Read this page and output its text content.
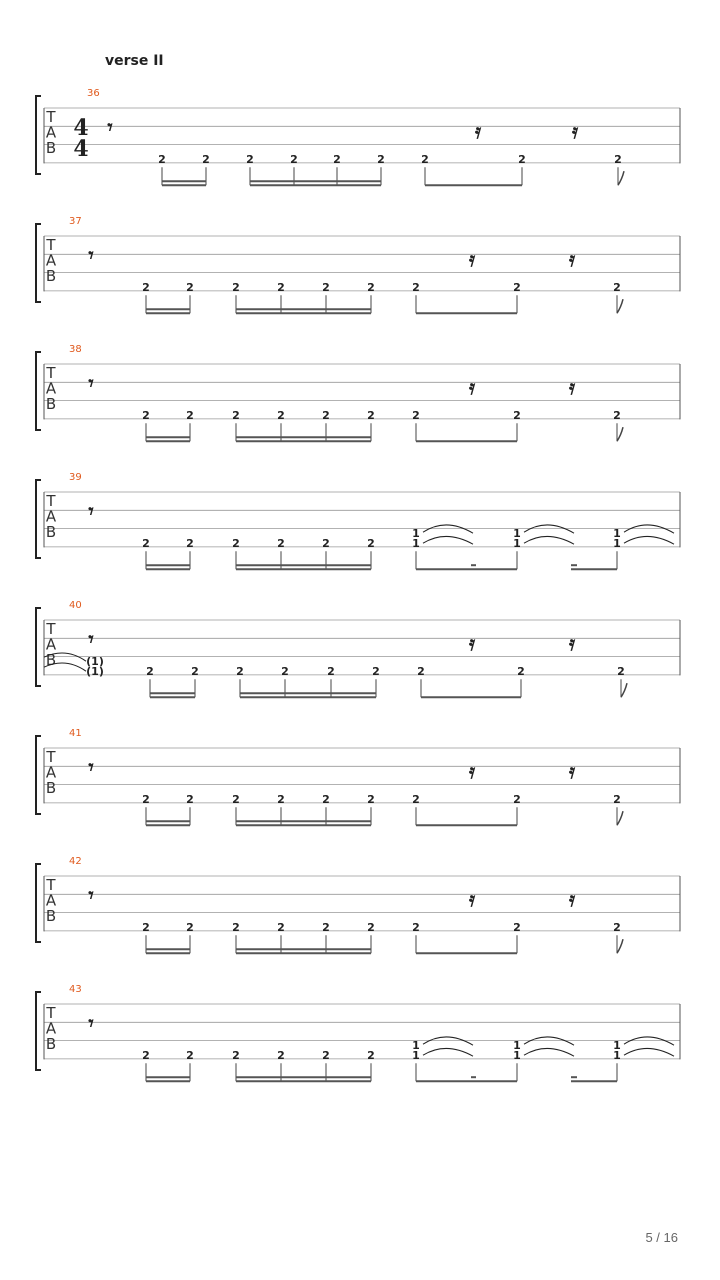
verse II
T
A
B
36
4
4
𝄾	𝄿	𝄿
2	2	2	2	2	2	2	2	2
T
A
B
37
𝄾	𝄿	𝄿
2	2	2	2	2	2	2	2	2
T
A
B
38
𝄾	𝄿	𝄿
2	2	2	2	2	2	2	2	2
T
A
B
39
𝄾
2	2	2	2	2	2	1	1	1
1	1	1
T
A
B
40
𝄾	𝄿	𝄿
(1)
(1)	2	2	2	2	2	2	2	2	2
T
A
B
41
𝄾	𝄿	𝄿
2	2	2	2	2	2	2	2	2
T
A
B
42
𝄾	𝄿	𝄿
2	2	2	2	2	2	2	2	2
T
A
B
43
𝄾
2	2	2	2	2	2	1	1	1
1	1	1
5 / 16
